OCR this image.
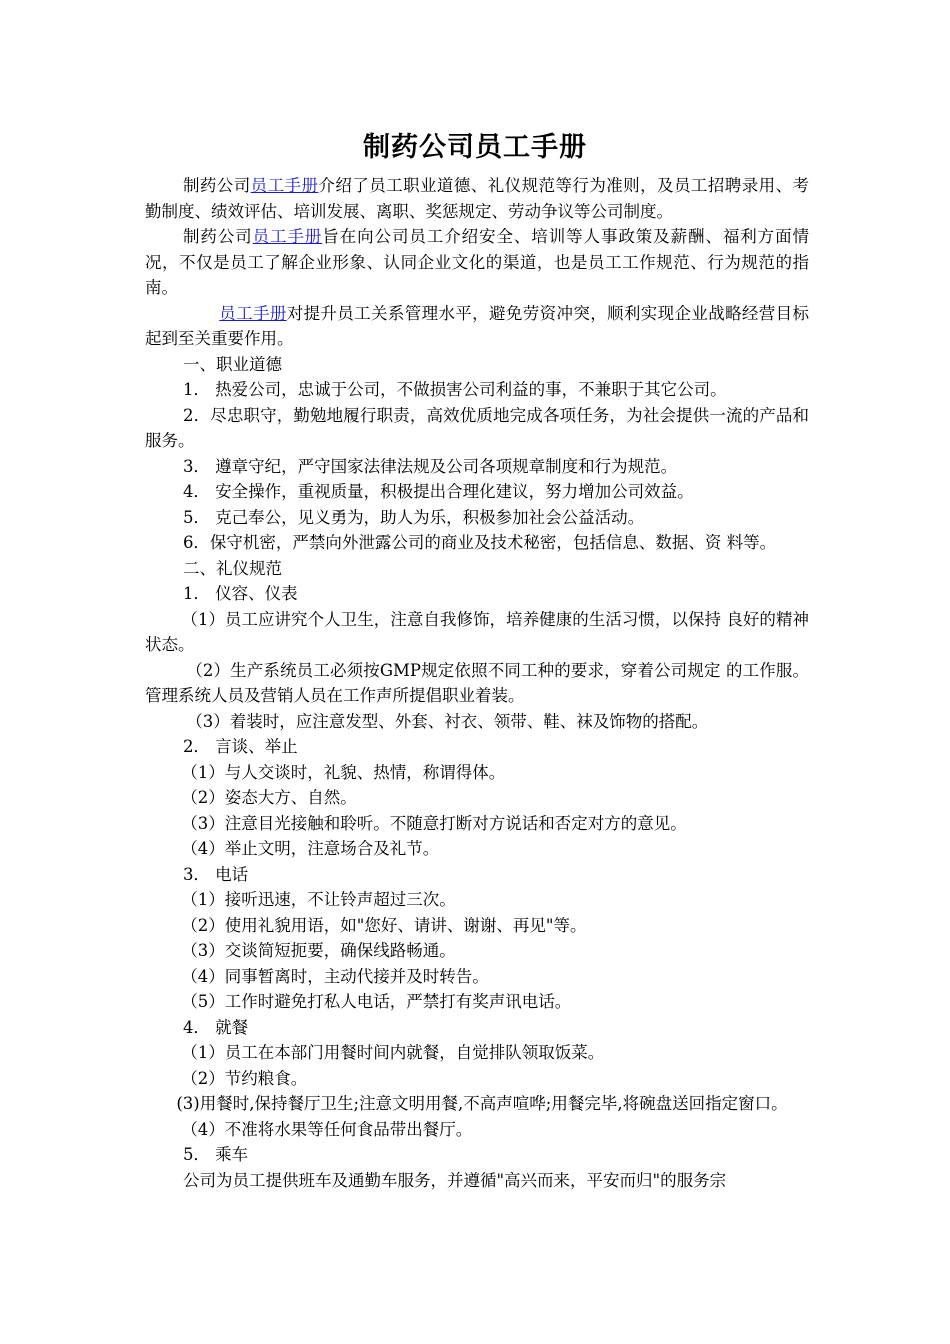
制药公司员工手册

制药公司员工手册介绍了员工职业道德、礼仪规范等行为准则，及员工招聘录用、考勤制度、绩效评估、培训发展、离职、奖惩规定、劳动争议等公司制度。

制药公司员工手册旨在向公司员工介绍安全、培训等人事政策及薪酬、福利方面情况，不仅是员工了解企业形象、认同企业文化的渠道，也是员工工作规范、行为规范的指南。

员工手册对提升员工关系管理水平，避免劳资冲突，顺利实现企业战略经营目标起到至关重要作用。

一、职业道德

1． 热爱公司，忠诚于公司，不做损害公司利益的事，不兼职于其它公司。

2．尽忠职守，勤勉地履行职责，高效优质地完成各项任务，为社会提供一流的产品和服务。

3． 遵章守纪，严守国家法律法规及公司各项规章制度和行为规范。

4． 安全操作，重视质量，积极提出合理化建议，努力增加公司效益。

5． 克己奉公，见义勇为，助人为乐，积极参加社会公益活动。

6．保守机密，严禁向外泄露公司的商业及技术秘密，包括信息、数据、资 料等。

二、礼仪规范

1． 仪容、仪表

（1）员工应讲究个人卫生，注意自我修饰，培养健康的生活习惯，以保持 良好的精神状态。

（2）生产系统员工必须按GMP规定依照不同工种的要求，穿着公司规定 的工作服。管理系统人员及营销人员在工作声所提倡职业着装。

（3）着装时，应注意发型、外套、衬衣、领带、鞋、袜及饰物的搭配。

2． 言谈、举止

（1）与人交谈时，礼貌、热情，称谓得体。

（2）姿态大方、自然。

（3）注意目光接触和聆听。不随意打断对方说话和否定对方的意见。

（4）举止文明，注意场合及礼节。

3． 电话

（1）接听迅速，不让铃声超过三次。

（2）使用礼貌用语，如"您好、请讲、谢谢、再见"等。

（3）交谈简短扼要，确保线路畅通。

（4）同事暂离时，主动代接并及时转告。

（5）工作时避免打私人电话，严禁打有奖声讯电话。

4． 就餐

（1）员工在本部门用餐时间内就餐，自觉排队领取饭菜。

（2）节约粮食。

(3)用餐时,保持餐厅卫生;注意文明用餐,不高声喧哗;用餐完毕,将碗盘送回指定窗口。

（4）不准将水果等任何食品带出餐厅。

5． 乘车

公司为员工提供班车及通勤车服务，并遵循"高兴而来，平安而归"的服务宗
